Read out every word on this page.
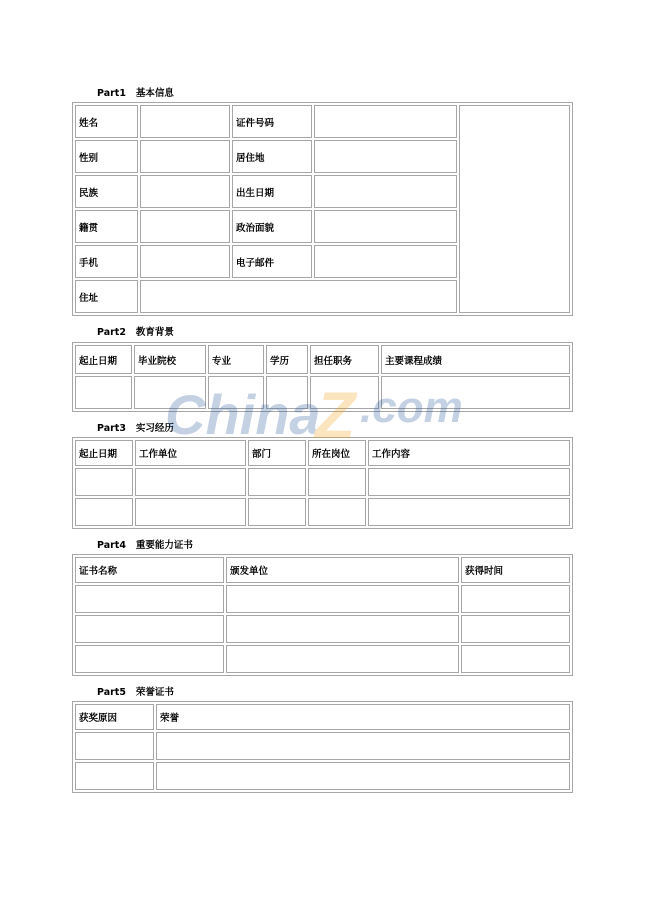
Part1   基本信息
姓名		证件号码		
性别		居住地		
民族		出生日期		
籍贯		政治面貌		
手机		电子邮件		
住址				
Part2   教育背景
起止日期	毕业院校	专业	学历	担任职务	主要课程成绩

Part3   实习经历
起止日期	工作单位	部门	所在岗位	工作内容

Part4   重要能力证书
证书名称	颁发单位	获得时间

Part5   荣誉证书
获奖原因	荣誉

China
Z .com
